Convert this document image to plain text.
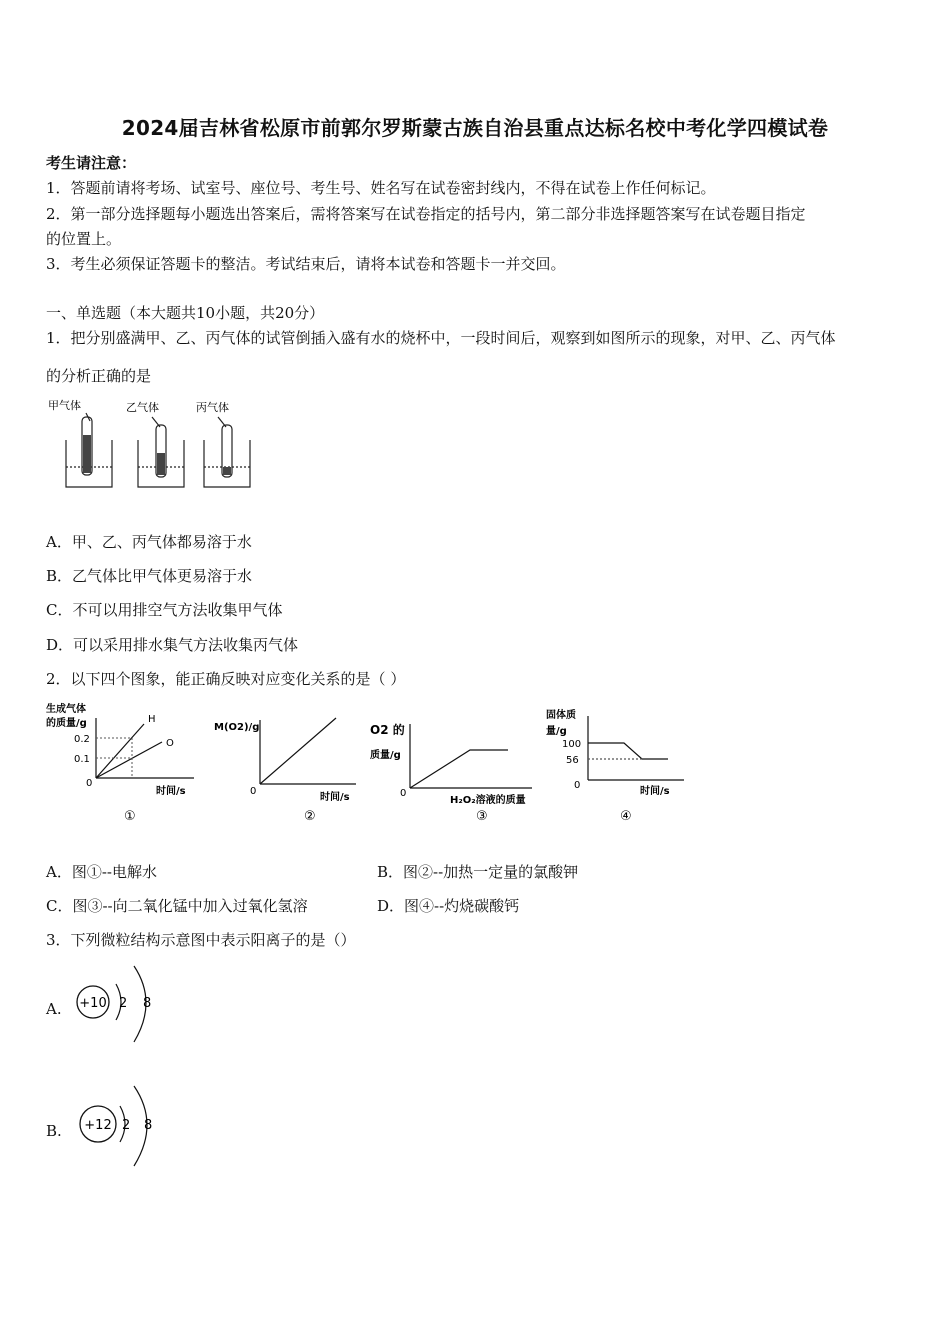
2024届吉林省松原市前郭尔罗斯蒙古族自治县重点达标名校中考化学四模试卷
考生请注意：
1．答题前请将考场、试室号、座位号、考生号、姓名写在试卷密封线内，不得在试卷上作任何标记。
2．第一部分选择题每小题选出答案后，需将答案写在试卷指定的括号内，第二部分非选择题答案写在试卷题目指定
的位置上。
3．考生必须保证答题卡的整洁。考试结束后，请将本试卷和答题卡一并交回。
一、单选题（本大题共10小题，共20分）
1．把分别盛满甲、乙、丙气体的试管倒插入盛有水的烧杯中，一段时间后，观察到如图所示的现象，对甲、乙、丙气体
的分析正确的是
甲气体	乙气体	丙气体
A．甲、乙、丙气体都易溶于水
B．乙气体比甲气体更易溶于水
C．不可以用排空气方法收集甲气体
D．可以采用排水集气方法收集丙气体
2．以下四个图象，能正确反映对应变化关系的是（ ）
生成气体
的质量/g
0.2
0.1
0
H
O
时间/s
①
M(O2)/g
0
时间/s
②
O2 的
质量/g
0
H₂O₂溶液的质量
③
固体质
量/g
100
56
0
时间/s
④
A．图①--电解水	B．图②--加热一定量的氯酸钾
C．图③--向二氧化锰中加入过氧化氢溶	D．图④--灼烧碳酸钙
3．下列微粒结构示意图中表示阳离子的是（）
A. +10 2 8
B. +12 2 8
